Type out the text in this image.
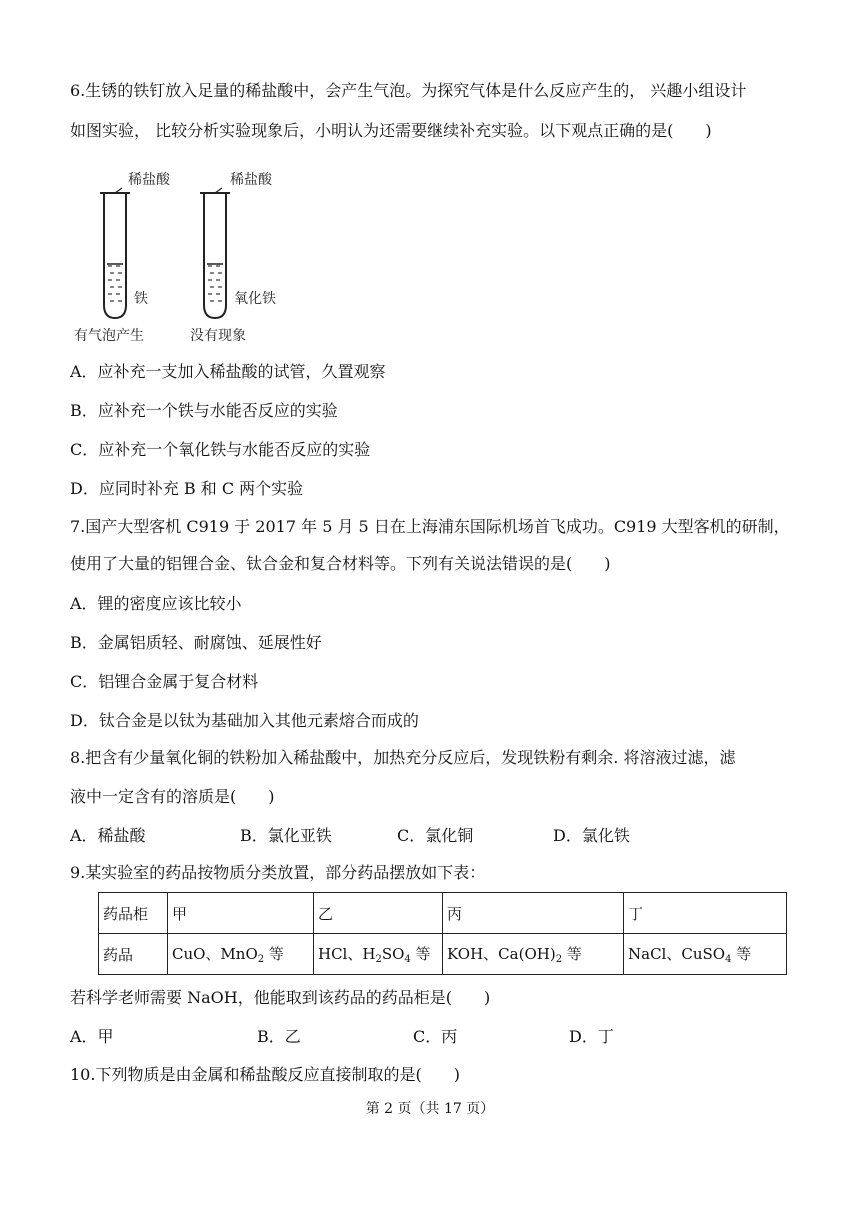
6.生锈的铁钉放入足量的稀盐酸中，会产生气泡。为探究气体是什么反应产生的， 兴趣小组设计
如图实验， 比较分析实验现象后，小明认为还需要继续补充实验。以下观点正确的是(　　)
稀盐酸	稀盐酸
铁	氧化铁
有气泡产生	没有现象
A．应补充一支加入稀盐酸的试管，久置观察
B．应补充一个铁与水能否反应的实验
C．应补充一个氧化铁与水能否反应的实验
D．应同时补充 B 和 C 两个实验
7.国产大型客机 C919 于 2017 年 5 月 5 日在上海浦东国际机场首飞成功。C919 大型客机的研制，
使用了大量的铝锂合金、钛合金和复合材料等。下列有关说法错误的是(　　)
A．锂的密度应该比较小
B．金属铝质轻、耐腐蚀、延展性好
C．铝锂合金属于复合材料
D．钛合金是以钛为基础加入其他元素熔合而成的
8.把含有少量氧化铜的铁粉加入稀盐酸中，加热充分反应后，发现铁粉有剩余. 将溶液过滤，滤
液中一定含有的溶质是(　　)
A．稀盐酸	B．氯化亚铁	C．氯化铜	D．氯化铁
9.某实验室的药品按物质分类放置，部分药品摆放如下表：
药品柜	甲	乙	丙	丁
药品	CuO、MnO$_2$ 等	HCl、$H_2SO_4$ 等	KOH、$Ca(OH)_2$ 等	NaCl、CuSO$_4$ 等
若科学老师需要 NaOH，他能取到该药品的药品柜是(　　)
A．甲	B．乙	C．丙	D．丁
10.下列物质是由金属和稀盐酸反应直接制取的是(　　)
第 2 页（共 17 页）
